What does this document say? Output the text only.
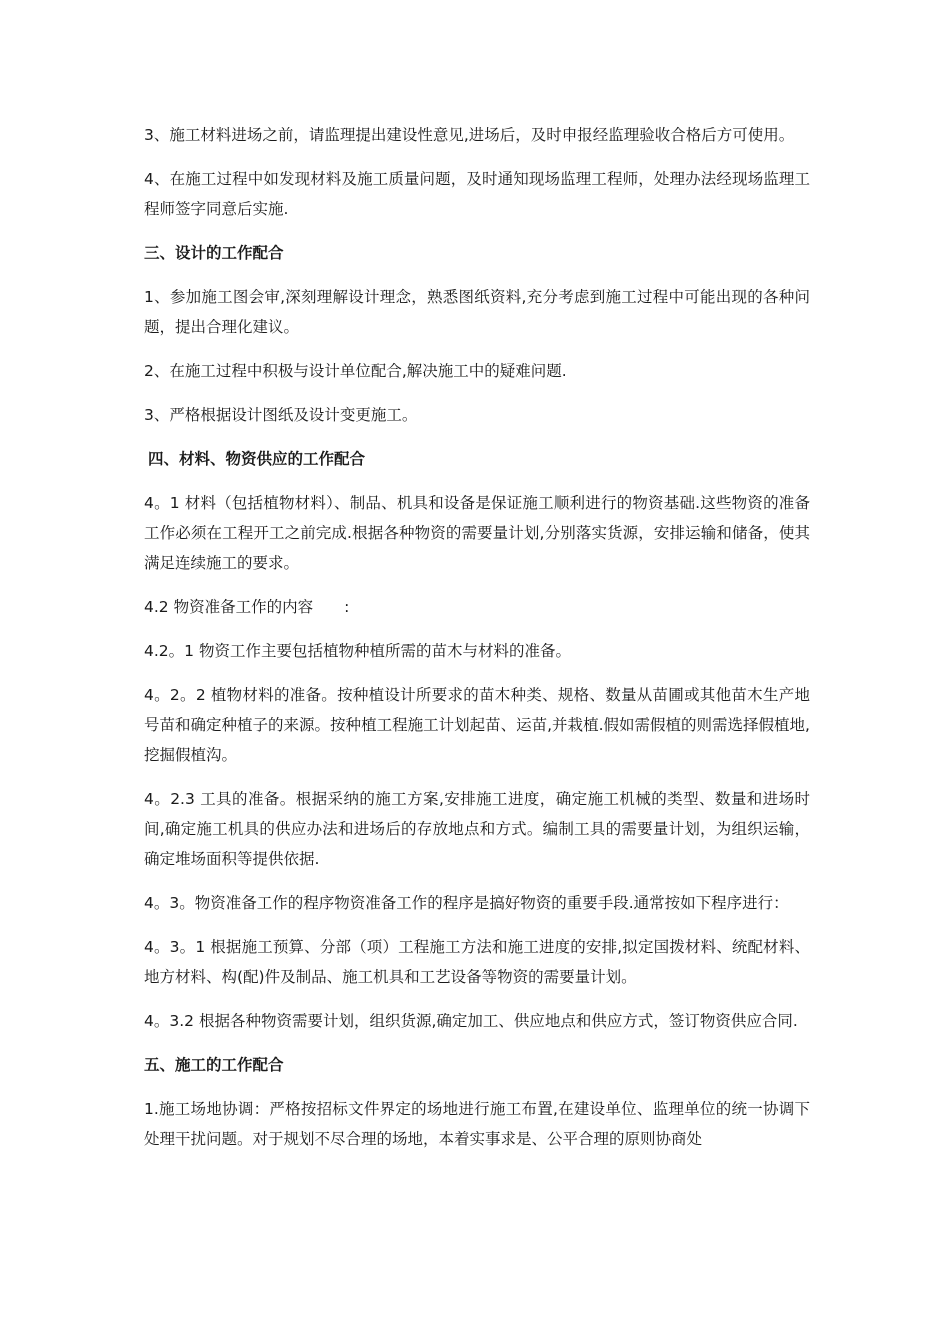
3、施工材料进场之前，请监理提出建设性意见,进场后，及时申报经监理验收合格后方可使用。

4、在施工过程中如发现材料及施工质量问题，及时通知现场监理工程师，处理办法经现场监理工程师签字同意后实施.

三、设计的工作配合

1、参加施工图会审,深刻理解设计理念，熟悉图纸资料,充分考虑到施工过程中可能出现的各种问题，提出合理化建议。

2、在施工过程中积极与设计单位配合,解决施工中的疑难问题.

3、严格根据设计图纸及设计变更施工。

四、材料、物资供应的工作配合

4。1 材料（包括植物材料）、制品、机具和设备是保证施工顺利进行的物资基础.这些物资的准备工作必须在工程开工之前完成.根据各种物资的需要量计划,分别落实货源，安排运输和储备，使其满足连续施工的要求。

4.2 物资准备工作的内容　　:

4.2。1 物资工作主要包括植物种植所需的苗木与材料的准备。

4。2。2 植物材料的准备。按种植设计所要求的苗木种类、规格、数量从苗圃或其他苗木生产地号苗和确定种植子的来源。按种植工程施工计划起苗、运苗,并栽植.假如需假植的则需选择假植地,挖掘假植沟。

4。2.3 工具的准备。根据采纳的施工方案,安排施工进度，确定施工机械的类型、数量和进场时间,确定施工机具的供应办法和进场后的存放地点和方式。编制工具的需要量计划，为组织运输，确定堆场面积等提供依据.

4。3。物资准备工作的程序物资准备工作的程序是搞好物资的重要手段.通常按如下程序进行：

4。3。1 根据施工预算、分部（项）工程施工方法和施工进度的安排,拟定国拨材料、统配材料、地方材料、构(配)件及制品、施工机具和工艺设备等物资的需要量计划。

4。3.2 根据各种物资需要计划，组织货源,确定加工、供应地点和供应方式，签订物资供应合同.

五、施工的工作配合

1.施工场地协调：严格按招标文件界定的场地进行施工布置,在建设单位、监理单位的统一协调下处理干扰问题。对于规划不尽合理的场地，本着实事求是、公平合理的原则协商处
